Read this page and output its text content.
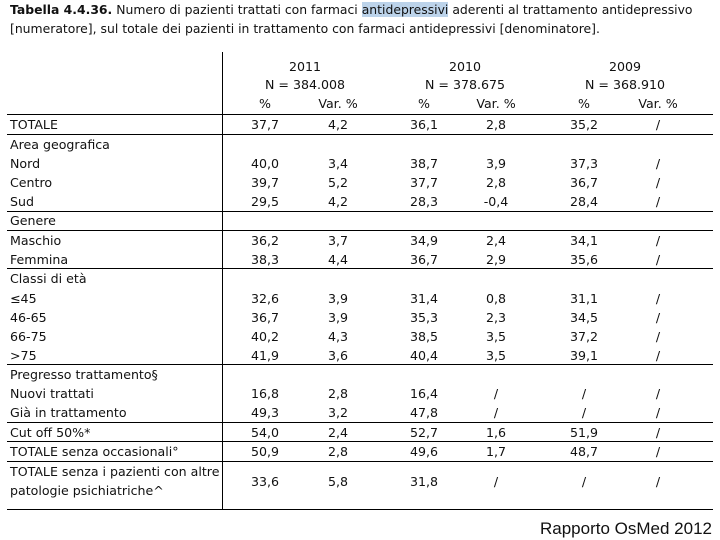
Tabella 4.4.36. Numero di pazienti trattati con farmaci antidepressivi aderenti al trattamento antidepressivo [numeratore], sul totale dei pazienti in trattamento con farmaci antidepressivi [denominatore].
2011
N = 384.008
2010
N = 378.675
2009
N = 368.910
%	Var. %	%	Var. %	%	Var. %
TOTALE	37,7	4,2	36,1	2,8	35,2	/
Area geografica
Nord	40,0	3,4	38,7	3,9	37,3	/
Centro	39,7	5,2	37,7	2,8	36,7	/
Sud	29,5	4,2	28,3	-0,4	28,4	/
Genere
Maschio	36,2	3,7	34,9	2,4	34,1	/
Femmina	38,3	4,4	36,7	2,9	35,6	/
Classi di età
≤45	32,6	3,9	31,4	0,8	31,1	/
46-65	36,7	3,9	35,3	2,3	34,5	/
66-75	40,2	4,3	38,5	3,5	37,2	/
>75	41,9	3,6	40,4	3,5	39,1	/
Pregresso trattamento§
Nuovi trattati	16,8	2,8	16,4	/	/	/
Già in trattamento	49,3	3,2	47,8	/	/	/
Cut off 50%*	54,0	2,4	52,7	1,6	51,9	/
TOTALE senza occasionali°	50,9	2,8	49,6	1,7	48,7	/
TOTALE senza i pazienti con altre
patologie psichiatriche^
33,6	5,8	31,8	/	/	/
Rapporto OsMed 2012
